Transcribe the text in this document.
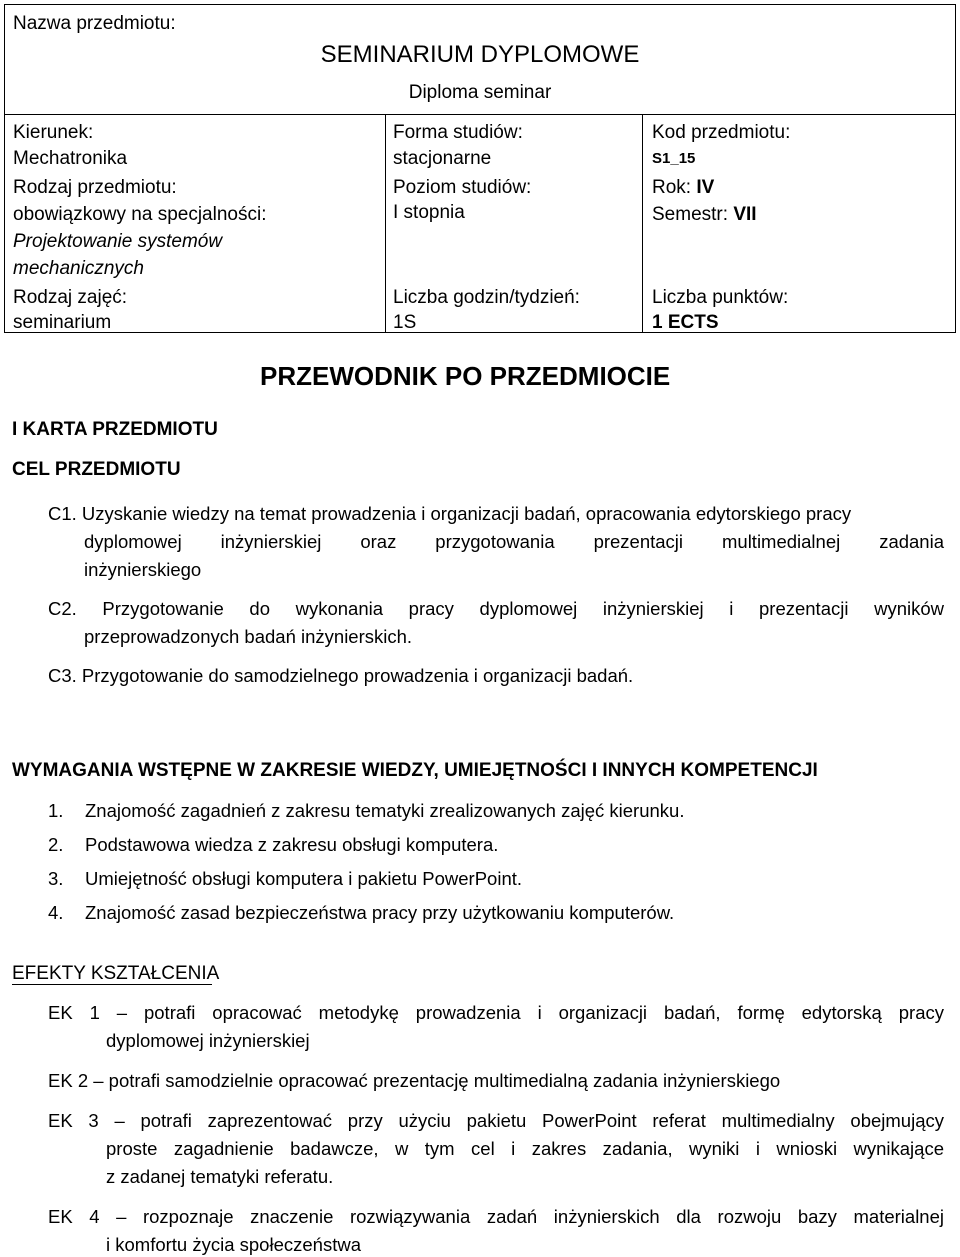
Nazwa przedmiotu:
SEMINARIUM DYPLOMOWE
Diploma seminar
Kierunek:
Mechatronika
Rodzaj przedmiotu:
obowiązkowy na specjalności:
Projektowanie systemów
mechanicznych
Rodzaj zajęć:
seminarium
Forma studiów:
stacjonarne
Poziom studiów:
I stopnia
Liczba godzin/tydzień:
1S
Kod przedmiotu:
S1_15
Rok: IV
Semestr: VII
Liczba punktów:
1 ECTS
PRZEWODNIK PO PRZEDMIOCIE
I KARTA PRZEDMIOTU
CEL PRZEDMIOTU
C1. Uzyskanie wiedzy na temat prowadzenia i organizacji badań, opracowania edytorskiego pracy
dyplomowej inżynierskiej oraz przygotowania prezentacji multimedialnej zadania
inżynierskiego
C2. Przygotowanie do wykonania pracy dyplomowej inżynierskiej i prezentacji wyników
przeprowadzonych badań inżynierskich.
C3. Przygotowanie do samodzielnego prowadzenia i organizacji badań.
WYMAGANIA WSTĘPNE W ZAKRESIE WIEDZY, UMIEJĘTNOŚCI I INNYCH KOMPETENCJI
1. Znajomość zagadnień z zakresu tematyki zrealizowanych zajęć kierunku.
2. Podstawowa wiedza z zakresu obsługi komputera.
3. Umiejętność obsługi komputera i pakietu PowerPoint.
4. Znajomość zasad bezpieczeństwa pracy przy użytkowaniu komputerów.
EFEKTY KSZTAŁCENIA
EK 1 – potrafi opracować metodykę prowadzenia i organizacji badań, formę edytorską pracy
dyplomowej inżynierskiej
EK 2 – potrafi samodzielnie opracować prezentację multimedialną zadania inżynierskiego
EK 3 – potrafi zaprezentować przy użyciu pakietu PowerPoint referat multimedialny obejmujący
proste zagadnienie badawcze, w tym cel i zakres zadania, wyniki i wnioski wynikające
z zadanej tematyki referatu.
EK 4 – rozpoznaje znaczenie rozwiązywania zadań inżynierskich dla rozwoju bazy materialnej
i komfortu życia społeczeństwa
